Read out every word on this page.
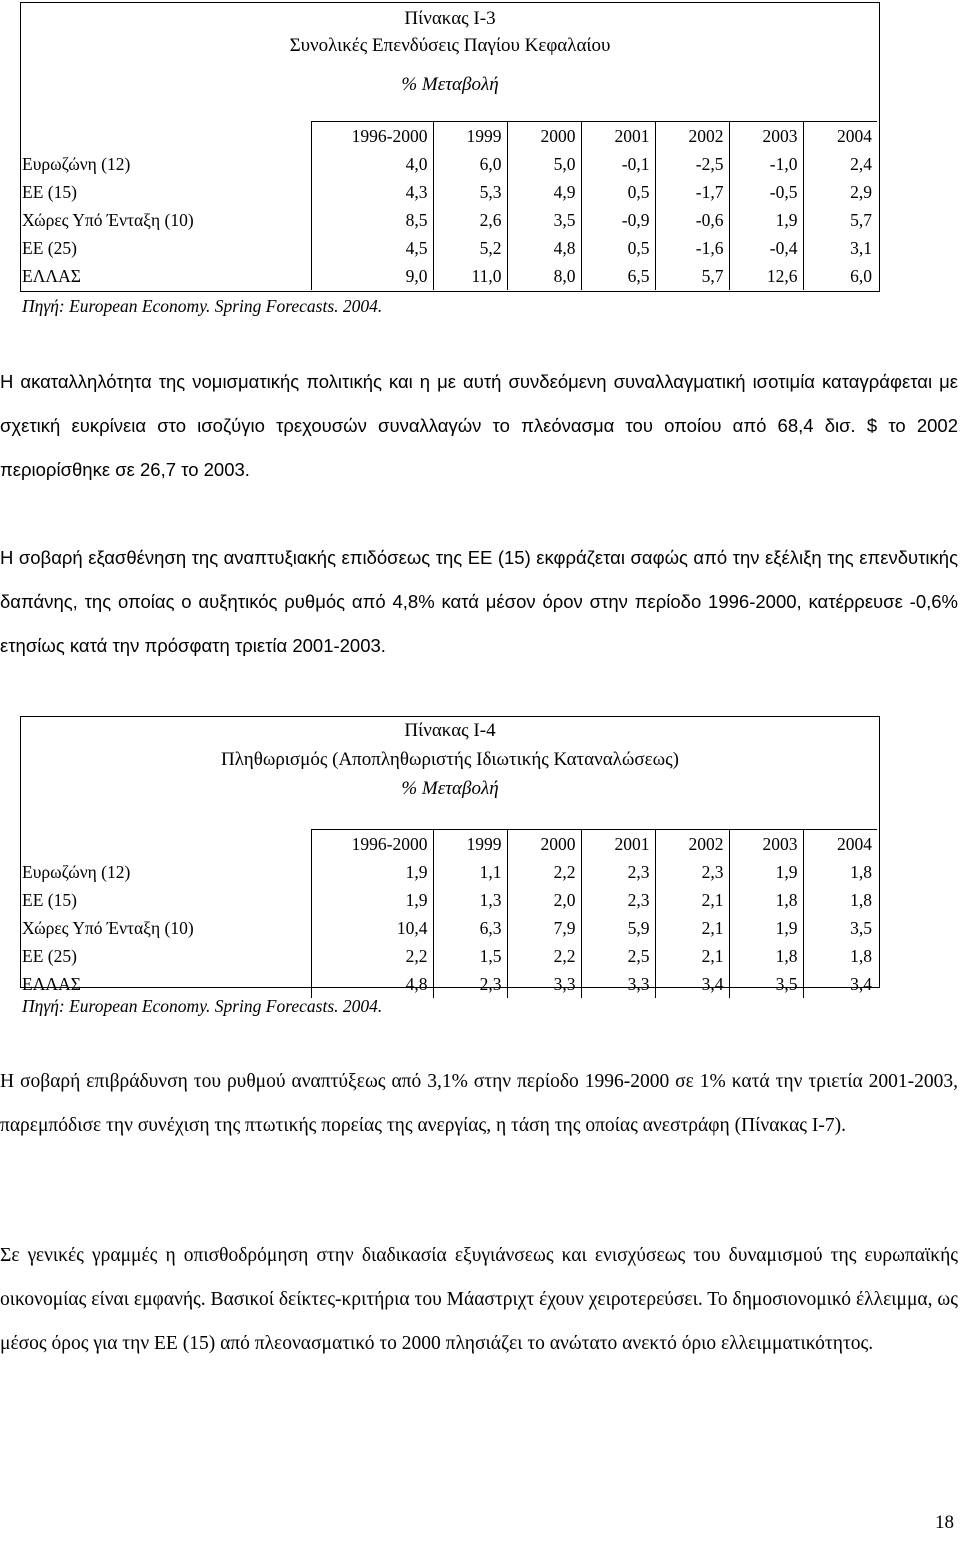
Πίνακας Ι-3
Συνολικές Επενδύσεις Παγίου Κεφαλαίου
% Μεταβολή
	1996-2000	1999	2000	2001	2002	2003	2004
Ευρωζώνη (12)	4,0	6,0	5,0	-0,1	-2,5	-1,0	2,4
ΕΕ (15)	4,3	5,3	4,9	0,5	-1,7	-0,5	2,9
Χώρες Υπό Ένταξη (10)	8,5	2,6	3,5	-0,9	-0,6	1,9	5,7
ΕΕ (25)	4,5	5,2	4,8	0,5	-1,6	-0,4	3,1
ΕΛΛΑΣ	9,0	11,0	8,0	6,5	5,7	12,6	6,0
Πηγή: European Economy. Spring Forecasts. 2004.

Η ακαταλληλότητα της νομισματικής πολιτικής και η με αυτή συνδεόμενη συναλλαγματική ισοτιμία καταγράφεται με σχετική ευκρίνεια στο ισοζύγιο τρεχουσών συναλλαγών το πλεόνασμα του οποίου από 68,4 δισ. $ το 2002 περιορίσθηκε σε 26,7 το 2003.

Η σοβαρή εξασθένηση της αναπτυξιακής επιδόσεως της ΕΕ (15) εκφράζεται σαφώς από την εξέλιξη της επενδυτικής δαπάνης, της οποίας ο αυξητικός ρυθμός από 4,8% κατά μέσον όρον στην περίοδο 1996-2000, κατέρρευσε -0,6% ετησίως κατά την πρόσφατη τριετία 2001-2003.

Πίνακας Ι-4
Πληθωρισμός (Αποπληθωριστής Ιδιωτικής Καταναλώσεως)
% Μεταβολή
	1996-2000	1999	2000	2001	2002	2003	2004
Ευρωζώνη (12)	1,9	1,1	2,2	2,3	2,3	1,9	1,8
ΕΕ (15)	1,9	1,3	2,0	2,3	2,1	1,8	1,8
Χώρες Υπό Ένταξη (10)	10,4	6,3	7,9	5,9	2,1	1,9	3,5
ΕΕ (25)	2,2	1,5	2,2	2,5	2,1	1,8	1,8
ΕΛΛΑΣ	4,8	2,3	3,3	3,3	3,4	3,5	3,4
Πηγή: European Economy. Spring Forecasts. 2004.

Η σοβαρή επιβράδυνση του ρυθμού αναπτύξεως από 3,1% στην περίοδο 1996-2000 σε 1% κατά την τριετία 2001-2003, παρεμπόδισε την συνέχιση της πτωτικής πορείας της ανεργίας, η τάση της οποίας ανεστράφη (Πίνακας Ι-7).

Σε γενικές γραμμές η οπισθοδρόμηση στην διαδικασία εξυγιάνσεως και ενισχύσεως του δυναμισμού της ευρωπαϊκής οικονομίας είναι εμφανής. Βασικοί δείκτες-κριτήρια του Μάαστριχτ έχουν χειροτερεύσει. Το δημοσιονομικό έλλειμμα, ως μέσος όρος για την ΕΕ (15) από πλεονασματικό το 2000 πλησιάζει το ανώτατο ανεκτό όριο ελλειμματικότητος.

18
